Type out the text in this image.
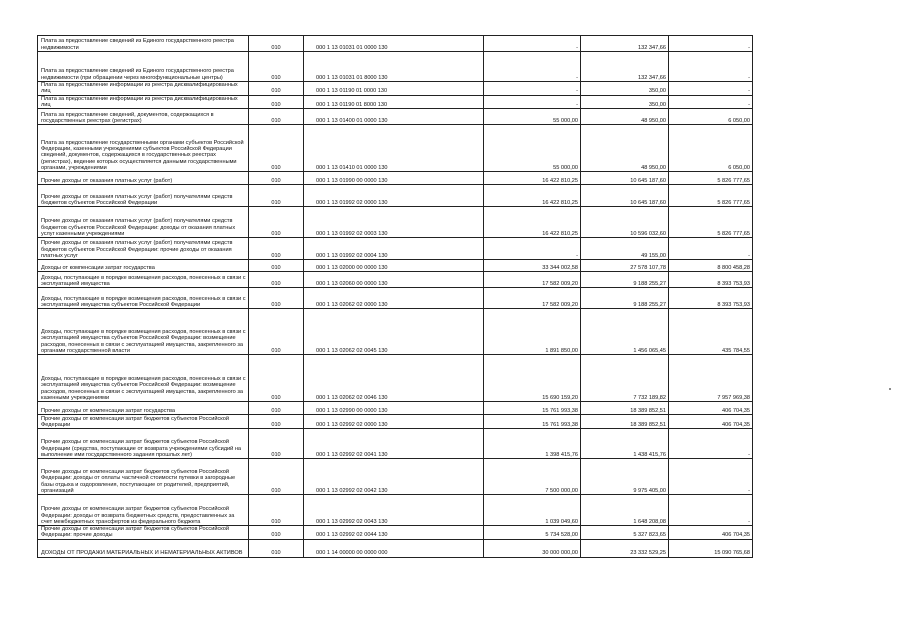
Плата за предоставление сведений из Единого государственного реестра недвижимости	010	000 1 13 01031 01 0000 130	-	132 347,66	-
Плата за предоставление сведений из Единого государственного реестра недвижимости (при обращении через многофункциональные центры)	010	000 1 13 01031 01 8000 130	-	132 347,66	-
Плата за предоставление информации из реестра дисквалифицированных лиц	010	000 1 13 01190 01 0000 130	-	350,00	-
Плата за предоставление информации из реестра дисквалифицированных лиц	010	000 1 13 01190 01 8000 130	-	350,00	-
Плата за предоставление сведений, документов, содержащихся в государственных реестрах (регистрах)	010	000 1 13 01400 01 0000 130	55 000,00	48 950,00	6 050,00
Плата за предоставление государственными органами субъектов Российской Федерации, казенными учреждениями субъектов Российской Федерации сведений, документов, содержащихся в государственных реестрах (регистрах), ведение которых осуществляется данными государственными органами, учреждениями	010	000 1 13 01410 01 0000 130	55 000,00	48 950,00	6 050,00
Прочие доходы от оказания платных услуг (работ)	010	000 1 13 01990 00 0000 130	16 422 810,25	10 645 187,60	5 826 777,65
Прочие доходы от оказания платных услуг (работ) получателями средств бюджетов субъектов Российской Федерации	010	000 1 13 01992 02 0000 130	16 422 810,25	10 645 187,60	5 826 777,65
Прочие доходы от оказания платных услуг (работ) получателями средств бюджетов субъектов Российской Федерации: доходы от оказания платных услуг казенными учреждениями	010	000 1 13 01992 02 0003 130	16 422 810,25	10 596 032,60	5 826 777,65
Прочие доходы от оказания платных услуг (работ) получателями средств бюджетов субъектов Российской Федерации: прочие доходы от оказания платных услуг	010	000 1 13 01992 02 0004 130	-	49 155,00	-
Доходы от компенсации затрат государства	010	000 1 13 02000 00 0000 130	33 344 002,58	27 578 107,78	8 800 458,28
Доходы, поступающие в порядке возмещения расходов, понесенных в связи с эксплуатацией имущества	010	000 1 13 02060 00 0000 130	17 582 009,20	9 188 255,27	8 393 753,93
Доходы, поступающие в порядке возмещения расходов, понесенных в связи с эксплуатацией имущества субъектов Российской Федерации	010	000 1 13 02062 02 0000 130	17 582 009,20	9 188 255,27	8 393 753,93
Доходы, поступающие в порядке возмещения расходов, понесенных в связи с эксплуатацией имущества субъектов Российской Федерации: возмещение расходов, понесенных в связи с эксплуатацией имущества, закрепленного за органами государственной власти	010	000 1 13 02062 02 0045 130	1 891 850,00	1 456 065,45	435 784,55
Доходы, поступающие в порядке возмещения расходов, понесенных в связи с эксплуатацией имущества субъектов Российской Федерации: возмещение расходов, понесенных в связи с эксплуатацией имущества, закрепленного за казенными учреждениями	010	000 1 13 02062 02 0046 130	15 690 159,20	7 732 189,82	7 957 969,38
Прочие доходы от компенсации затрат государства	010	000 1 13 02990 00 0000 130	15 761 993,38	18 389 852,51	406 704,35
Прочие доходы от компенсации затрат бюджетов субъектов Российской Федерации	010	000 1 13 02992 02 0000 130	15 761 993,38	18 389 852,51	406 704,35
Прочие доходы от компенсации затрат бюджетов субъектов Российской Федерации (средства, поступающие от возврата учреждениями субсидий на выполнение ими государственного задания прошлых лет)	010	000 1 13 02992 02 0041 130	1 398 415,76	1 438 415,76	-
Прочие доходы от компенсации затрат бюджетов субъектов Российской Федерации: доходы от оплаты частичной стоимости путевки в загородные базы отдыха и оздоровления, поступающие от родителей, предприятий, организаций	010	000 1 13 02992 02 0042 130	7 500 000,00	9 975 405,00	-
Прочие доходы от компенсации затрат бюджетов субъектов Российской Федерации: доходы от возврата бюджетных средств, предоставленных за счет межбюджетных трансфертов из федерального бюджета	010	000 1 13 02992 02 0043 130	1 039 049,60	1 648 208,08	-
Прочие доходы от компенсации затрат бюджетов субъектов Российской Федерации: прочие доходы	010	000 1 13 02992 02 0044 130	5 734 528,00	5 327 823,65	406 704,35
ДОХОДЫ ОТ ПРОДАЖИ МАТЕРИАЛЬНЫХ И НЕМАТЕРИАЛЬНЫХ АКТИВОВ	010	000 1 14 00000 00 0000 000	30 000 000,00	23 332 529,25	15 090 765,68
